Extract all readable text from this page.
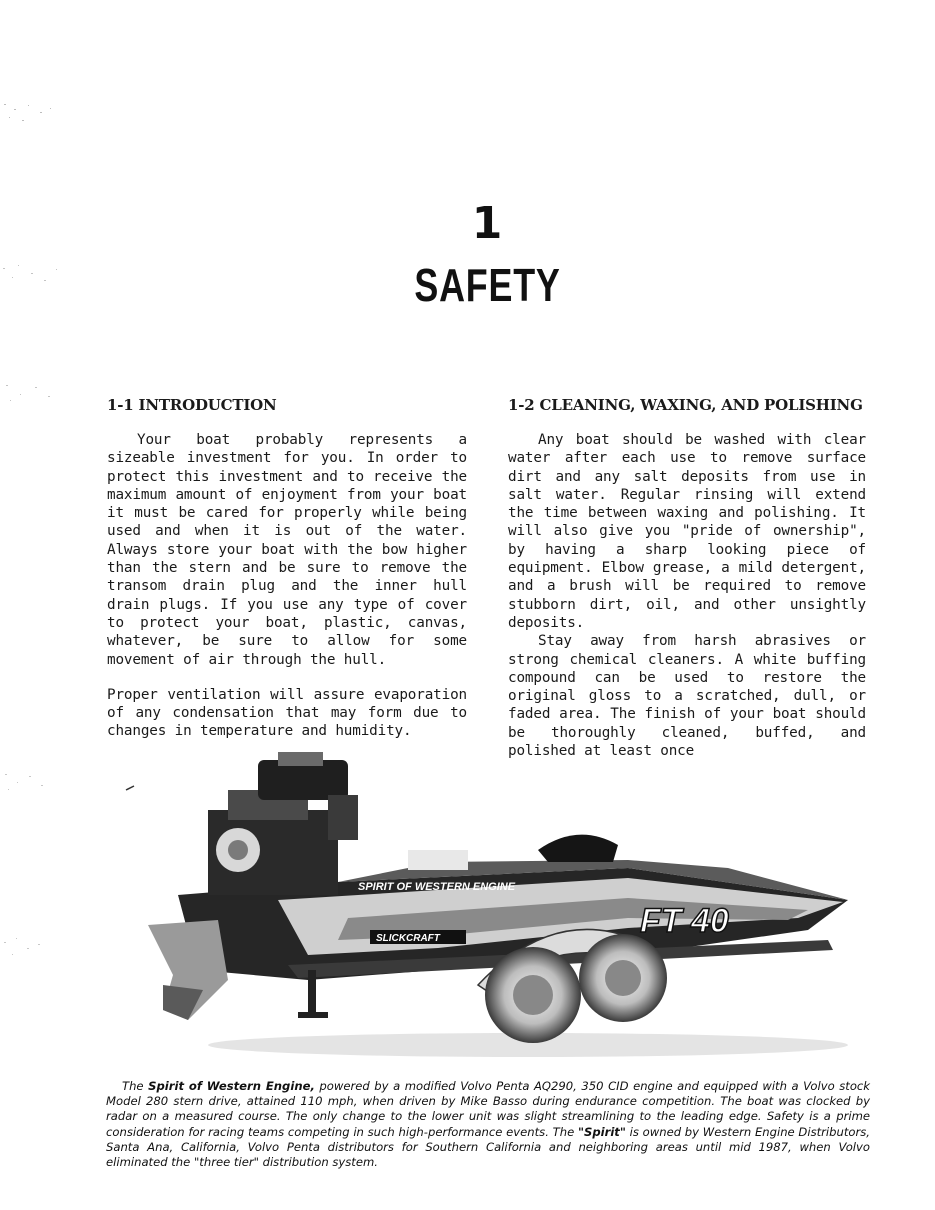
1
SAFETY
1-1 INTRODUCTION

Your boat probably represents a sizeable investment for you. In order to protect this investment and to receive the maximum amount of enjoyment from your boat it must be cared for properly while being used and when it is out of the water. Always store your boat with the bow higher than the stern and be sure to remove the transom drain plug and the inner hull drain plugs. If you use any type of cover to protect your boat, plastic, canvas, whatever, be sure to allow for some movement of air through the hull.

Proper ventilation will assure evaporation of any condensation that may form due to changes in temperature and humidity.

1-2 CLEANING, WAXING, AND POLISHING

Any boat should be washed with clear water after each use to remove surface dirt and any salt deposits from use in salt water. Regular rinsing will extend the time between waxing and polishing. It will also give you "pride of ownership", by having a sharp looking piece of equipment. Elbow grease, a mild detergent, and a brush will be required to remove stubborn dirt, oil, and other unsightly deposits.

Stay away from harsh abrasives or strong chemical cleaners. A white buffing compound can be used to restore the original gloss to a scratched, dull, or faded area. The finish of your boat should be thoroughly cleaned, buffed, and polished at least once

FT 40
SPIRIT OF WESTERN ENGINE
SLICKCRAFT
The Spirit of Western Engine, powered by a modified Volvo Penta AQ290, 350 CID engine and equipped with a Volvo stock Model 280 stern drive, attained 110 mph, when driven by Mike Basso during endurance competition. The boat was clocked by radar on a measured course. The only change to the lower unit was slight streamlining to the leading edge. Safety is a prime consideration for racing teams competing in such high-performance events. The "Spirit" is owned by Western Engine Distributors, Santa Ana, California, Volvo Penta distributors for Southern California and neighboring areas until mid 1987, when Volvo eliminated the "three tier" distribution system.
